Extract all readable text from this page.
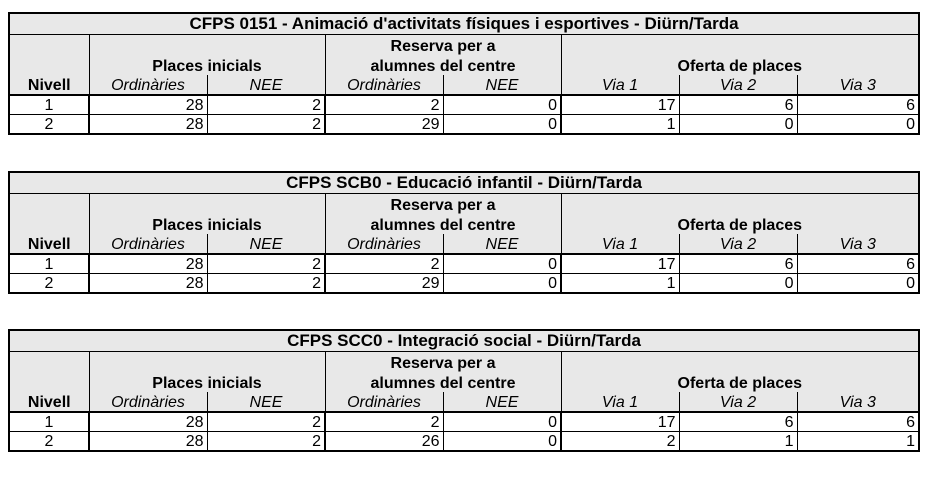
CFPS 0151 - Animació d'activitats físiques i esportives - Diürn/Tarda							
			Reserva per a				
	Places inicials		alumnes del centre		Oferta de places		
Nivell	Ordinàries	NEE	Ordinàries	NEE	Via 1	Via 2	Via 3
1	28	2	2	0	17	6	6
2	28	2	29	0	1	0	0
CFPS SCB0 - Educació infantil - Diürn/Tarda							
			Reserva per a				
	Places inicials		alumnes del centre		Oferta de places		
Nivell	Ordinàries	NEE	Ordinàries	NEE	Via 1	Via 2	Via 3
1	28	2	2	0	17	6	6
2	28	2	29	0	1	0	0
CFPS SCC0 - Integració social - Diürn/Tarda							
			Reserva per a				
	Places inicials		alumnes del centre		Oferta de places		
Nivell	Ordinàries	NEE	Ordinàries	NEE	Via 1	Via 2	Via 3
1	28	2	2	0	17	6	6
2	28	2	26	0	2	1	1
